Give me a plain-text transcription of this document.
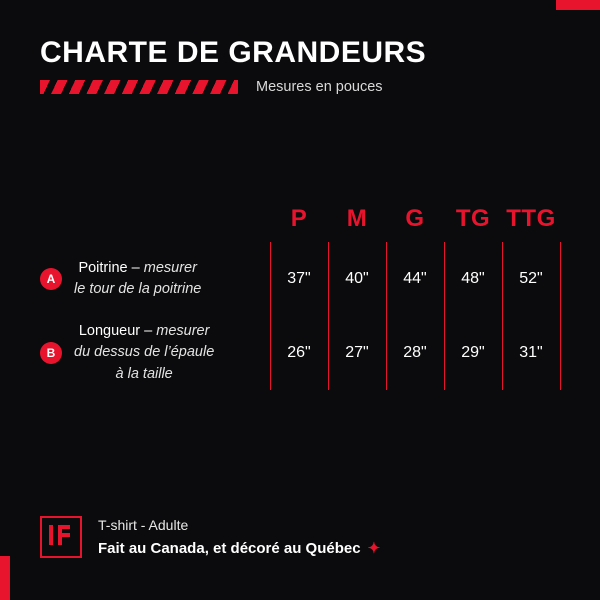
CHARTE DE GRANDEURS
Mesures en pouces
	P	M	G	TG	TTG

A
Poitrine – mesurer
le tour de la poitrine	37"	40"	44"	48"	52"

B
Longueur – mesurer
du dessus de l’épaule
à la taille	26"	27"	28"	29"	31"
T-shirt - Adulte
Fait au Canada, et décoré au Québec ✦
